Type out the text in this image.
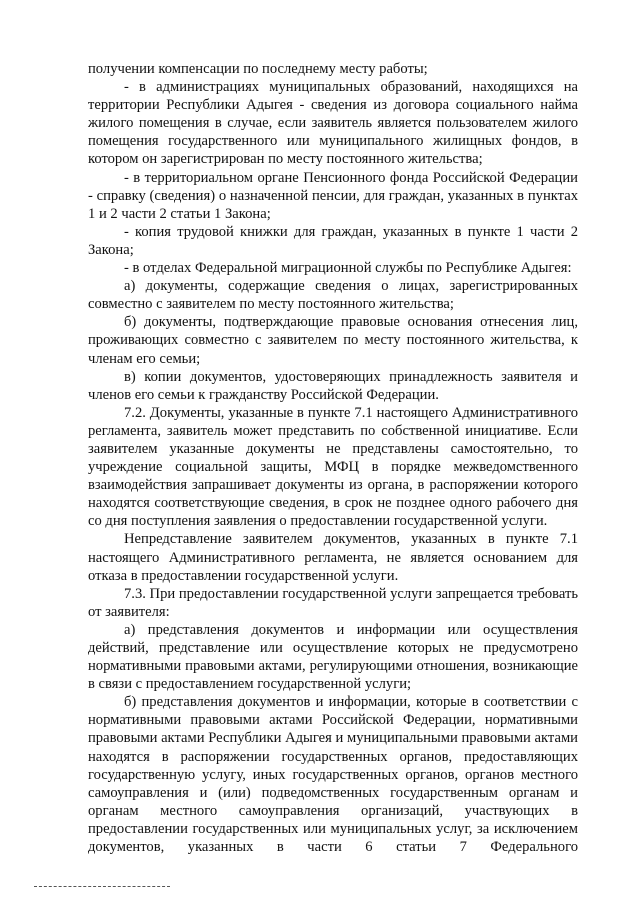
получении компенсации по последнему месту работы;

- в администрациях муниципальных образований, находящихся на территории Республики Адыгея - сведения из договора социального найма жилого помещения в случае, если заявитель является пользователем жилого помещения государственного или муниципального жилищных фондов, в котором он зарегистрирован по месту постоянного жительства;

- в территориальном органе Пенсионного фонда Российской Федерации - справку (сведения) о назначенной пенсии, для граждан, указанных в пунктах 1 и 2 части 2 статьи 1 Закона;

- копия трудовой книжки для граждан, указанных в пункте 1 части 2 Закона;

- в отделах Федеральной миграционной службы по Республике Адыгея:

а) документы, содержащие сведения о лицах, зарегистрированных совместно с заявителем по месту постоянного жительства;

б) документы, подтверждающие правовые основания отнесения лиц, проживающих совместно с заявителем по месту постоянного жительства, к членам его семьи;

в) копии документов, удостоверяющих принадлежность заявителя и членов его семьи к гражданству Российской Федерации.

7.2. Документы, указанные в пункте 7.1 настоящего Административного регламента, заявитель может представить по собственной инициативе. Если заявителем указанные документы не представлены самостоятельно, то учреждение социальной защиты, МФЦ в порядке межведомственного взаимодействия запрашивает документы из органа, в распоряжении которого находятся соответствующие сведения, в срок не позднее одного рабочего дня со дня поступления заявления о предоставлении государственной услуги.

Непредставление заявителем документов, указанных в пункте 7.1 настоящего Административного регламента, не является основанием для отказа в предоставлении государственной услуги.

7.3. При предоставлении государственной услуги запрещается требовать от заявителя:

а) представления документов и информации или осуществления действий, представление или осуществление которых не предусмотрено нормативными правовыми актами, регулирующими отношения, возникающие в связи с предоставлением государственной услуги;

б) представления документов и информации, которые в соответствии с нормативными правовыми актами Российской Федерации, нормативными правовыми актами Республики Адыгея и муниципальными правовыми актами находятся в распоряжении государственных органов, предоставляющих государственную услугу, иных государственных органов, органов местного самоуправления и (или) подведомственных государственным органам и органам местного самоуправления организаций, участвующих в предоставлении государственных или муниципальных услуг, за исключением документов, указанных в части 6 статьи 7 Федерального
